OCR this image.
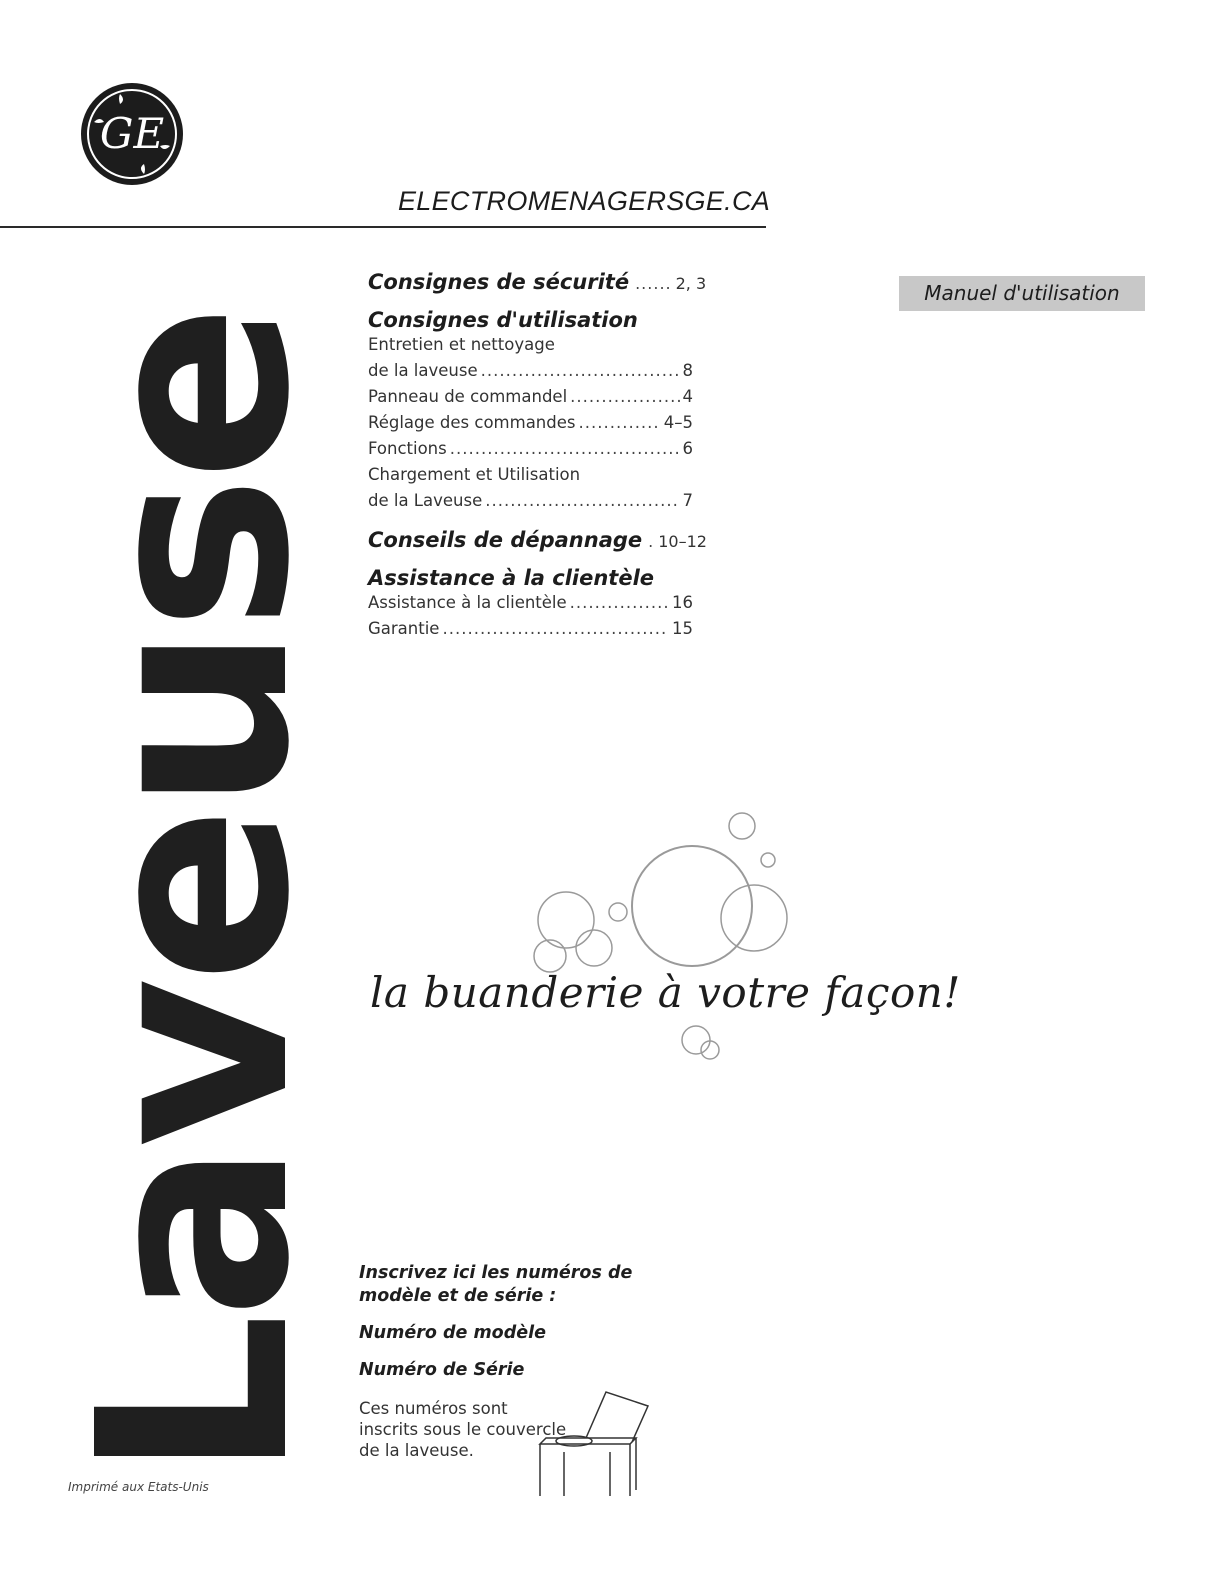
GE
ELECTROMENAGERSGE.CA
Manuel d'utilisation
Laveuse
Consignes de sécurité ...... 2, 3
Consignes d'utilisation
Entretien et nettoyage
de la laveuse .....	8
Panneau de commandel .....	4
Réglage des commandes .....	4–5
Fonctions .....	6
Chargement et Utilisation
de la Laveuse .....	7
Conseils de dépannage . 10–12
Assistance à la clientèle
Assistance à la clientèle .....	16
Garantie .....	15
la buanderie à votre façon!
Inscrivez ici les numéros de
modèle et de série :
Numéro de modèle
Numéro de Série
Ces numéros sont
inscrits sous le couvercle
de la laveuse.
Imprimé aux Etats-Unis
